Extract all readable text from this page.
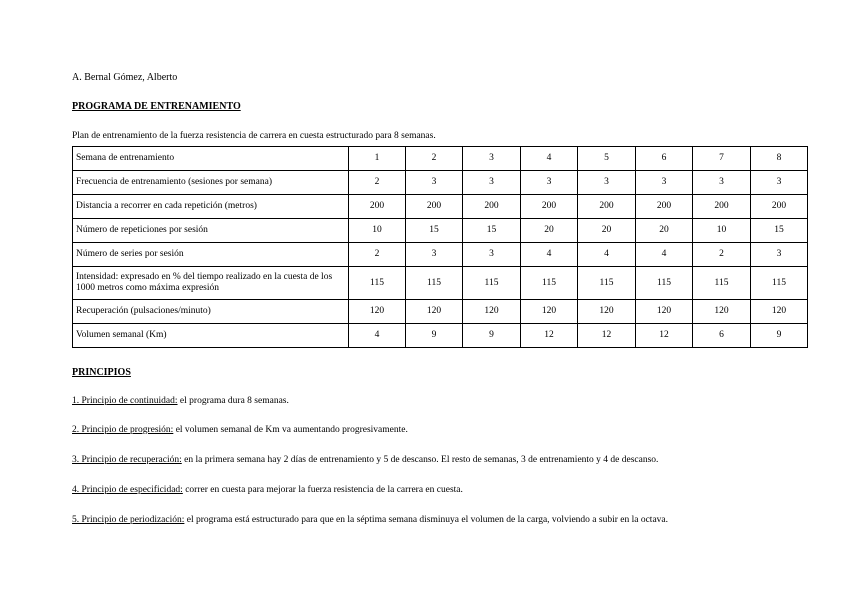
A. Bernal Gómez, Alberto
PROGRAMA DE ENTRENAMIENTO
Plan de entrenamiento de la fuerza resistencia de carrera en cuesta estructurado para 8 semanas.
Semana de entrenamiento	1	2	3	4	5	6	7	8
Frecuencia de entrenamiento (sesiones por semana)	2	3	3	3	3	3	3	3
Distancia a recorrer en cada repetición (metros)	200	200	200	200	200	200	200	200
Número de repeticiones por sesión	10	15	15	20	20	20	10	15
Número de series por sesión	2	3	3	4	4	4	2	3
Intensidad: expresado en % del tiempo realizado en la cuesta de los 1000 metros como máxima expresión	115	115	115	115	115	115	115	115
Recuperación (pulsaciones/minuto)	120	120	120	120	120	120	120	120
Volumen semanal (Km)	4	9	9	12	12	12	6	9
PRINCIPIOS
1. Principio de continuidad: el programa dura 8 semanas.
2. Principio de progresión: el volumen semanal de Km va aumentando progresivamente.
3. Principio de recuperación: en la primera semana hay 2 días de entrenamiento y 5 de descanso. El resto de semanas, 3 de entrenamiento y 4 de descanso.
4. Principio de especificidad: correr en cuesta para mejorar la fuerza resistencia de la carrera en cuesta.
5. Principio de periodización: el programa está estructurado para que en la séptima semana disminuya el volumen de la carga, volviendo a subir en la octava.
